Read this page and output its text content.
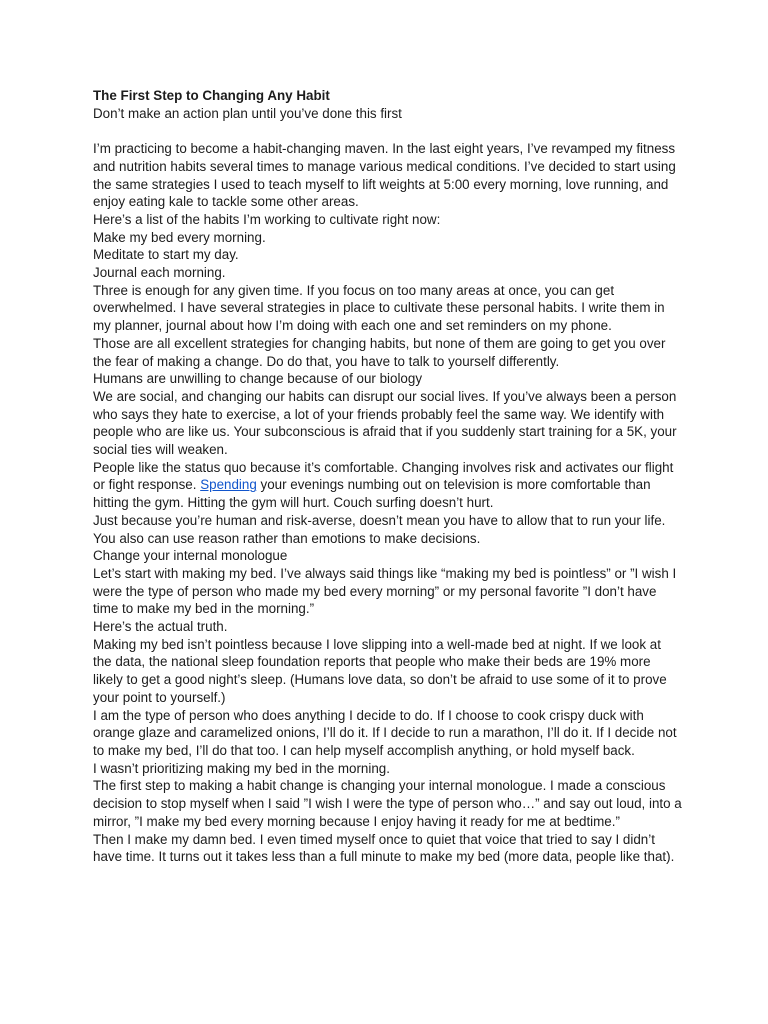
The First Step to Changing Any Habit

Don’t make an action plan until you’ve done this first

I’m practicing to become a habit-changing maven. In the last eight years, I’ve revamped my fitness and nutrition habits several times to manage various medical conditions. I’ve decided to start using the same strategies I used to teach myself to lift weights at 5:00 every morning, love running, and enjoy eating kale to tackle some other areas.

Here’s a list of the habits I’m working to cultivate right now:

Make my bed every morning.

Meditate to start my day.

Journal each morning.

Three is enough for any given time. If you focus on too many areas at once, you can get overwhelmed. I have several strategies in place to cultivate these personal habits. I write them in my planner, journal about how I’m doing with each one and set reminders on my phone.

Those are all excellent strategies for changing habits, but none of them are going to get you over the fear of making a change. Do do that, you have to talk to yourself differently.

Humans are unwilling to change because of our biology

We are social, and changing our habits can disrupt our social lives. If you’ve always been a person who says they hate to exercise, a lot of your friends probably feel the same way. We identify with people who are like us. Your subconscious is afraid that if you suddenly start training for a 5K, your social ties will weaken.

People like the status quo because it’s comfortable. Changing involves risk and activates our flight or fight response. Spending your evenings numbing out on television is more comfortable than hitting the gym. Hitting the gym will hurt. Couch surfing doesn’t hurt.

Just because you’re human and risk-averse, doesn’t mean you have to allow that to run your life. You also can use reason rather than emotions to make decisions.

Change your internal monologue

Let’s start with making my bed. I’ve always said things like “making my bed is pointless” or ”I wish I were the type of person who made my bed every morning” or my personal favorite ”I don’t have time to make my bed in the morning.”

Here’s the actual truth.

Making my bed isn’t pointless because I love slipping into a well-made bed at night. If we look at the data, the national sleep foundation reports that people who make their beds are 19% more likely to get a good night’s sleep. (Humans love data, so don’t be afraid to use some of it to prove your point to yourself.)

I am the type of person who does anything I decide to do. If I choose to cook crispy duck with orange glaze and caramelized onions, I’ll do it. If I decide to run a marathon, I’ll do it. If I decide not to make my bed, I’ll do that too. I can help myself accomplish anything, or hold myself back.

I wasn’t prioritizing making my bed in the morning.

The first step to making a habit change is changing your internal monologue. I made a conscious decision to stop myself when I said ”I wish I were the type of person who…” and say out loud, into a mirror, ”I make my bed every morning because I enjoy having it ready for me at bedtime.”

Then I make my damn bed. I even timed myself once to quiet that voice that tried to say I didn’t have time. It turns out it takes less than a full minute to make my bed (more data, people like that).
